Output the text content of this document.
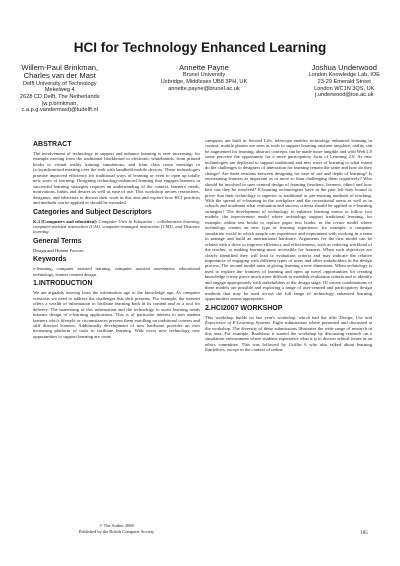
HCI for Technology Enhanced Learning
Willem-Paul Brinkman,
Charles van der Mast
Delft University of Technology
Mekelweg 4
2628 CD Delft, The Netherlands
(w.p.brinkman,
c.a.p.g.vandermast)@tudelft.nl
Annette Payne
Brunel University
Uxbridge, Middlesex UB8 3PH, UK
annette.payne@brunel.ac.uk
Joshua Underwood
London Knowledge Lab, IOE
23-29 Emerald Street
London WC1N 3QS, UK
j.underwood@ioe.ac.uk
ABSTRACT

The involvement of technology to support and enhance learning is ever increasing; for example moving from the traditional blackboard to electronic whiteboards, from printed books to virtual reality training simulations, and from class room meetings to (a-)synchronised meeting over the web with handheld mobile devices. These technologies promise improved efficiency for traditional ways of learning or even to open up totally new ways of learning. Designing technology-enhanced learning that engages learners in successful learning strategies requires an understanding of the context, learners' needs, motivations, habits and desires as well as ease of use. This workshop invites researchers, designers, and educators to discuss their work in this area and explore how HCI practices and methods can be applied or should be extended.

Categories and Subject Descriptors

K.3 [Computers and education]: Computer Uses in Education – collaborative learning, computer-assisted instruction (CAI), computer-managed instruction (CMI), and Distance learning

General Terms

Design and Human Factors.

Keywords

e-learning, computer assisted training, computer assisted assessment, educational technology, learner centred design.

1.INTRODUCTION

We are arguably moving from the information age to the knowledge age. As computer scientists we need to address the challenges this shift presents. For example, the internet offers a wealth of information to facilitate learning both in its content and as a tool for delivery. The harnessing of this information and the technology to assist learning needs informs design of e-learning applications. This is of particular interest to non student learners who's lifestyle or circumstances prevent them enrolling on traditional courses and stiff directed learners. Additionally development of new hardware provides an ever increasing platform of tools to facilitate learning. With every new technology new opportunities to support learning are come

© The Author 2008
Published by the British Computer Society

campuses are built in Second Life, telescope enables technology enhanced learning in context, mobile phones are seen as tools to support learning anytime anyplace, reality can be augmented for learning, abstract concepts can be made more tangible and with Web 2.0 some perceive the opportunity for a more participatory form of Learning 2.0. As new technologies are deployed to support traditional and new ways of learning to what extent do the challenges to designers of interaction for learning remain the same and how do they change? Are there tensions between designing for ease of use and depth of learning? Is entertaining learners as important as or more so than challenging them cognitively? Who should be involved in user centred design of learning (teachers, learners, other) and how best can they be involved? E-learning technologists have in the past felt duty bound to prove that their technology is superior to traditional or pre-existing methods of teaching. With the spread of e-learning in the workplace and the recreational arena as well as in schools and academia what evaluation and success criteria should be applied to e-learning strategies? The development of technology to enhance learning seems to follow two models: the improvement model where technology support traditional learning, for example, online test books to replace paper text books; or the create model where technology creates an new type of learning experience, for example, a computer simulation world in which people can experience and experiment with working in a team to manage and build an international hardware. Arguments for the first model can be related with a drive to improve efficiency and effectiveness, such as reducing workload of the teacher, or making learning more accessible for learners. When such objectives are clearly identified they will lead to evaluation criteria and may indicate the relative importance of engaging with different types of users and other stakeholders in the design process. The second model aims at giving learning a new dimension. When technology is used to explore the frontiers of learning and open up novel opportunities for creating knowledge it may prove much more difficult to establish evaluation criteria and to identify and engage appropriately with stakeholders at the design stage. Of course combinations of these models are possible and exploring a range of user-centred and participatory design methods that may be used across the full range of technology enhanced learning opportunities seems appropriate.

2.HCI2007 WORKSHOP

This workshop builds on last year's workshop, which had the title: Design, Use and Experience of E-Learning Systems. Eight submissions where presented and discussed at the workshop. The diversity of these submissions illustrates the wide range of research in this area. For example, Bradshaw it started the workshop by discussing research on a simulation environment where students experience what it is to discuss ethical issues in an ethics committee. This was followed by Griffin 6 who also talked about learning (bin)ethics, except in the context of online

185
